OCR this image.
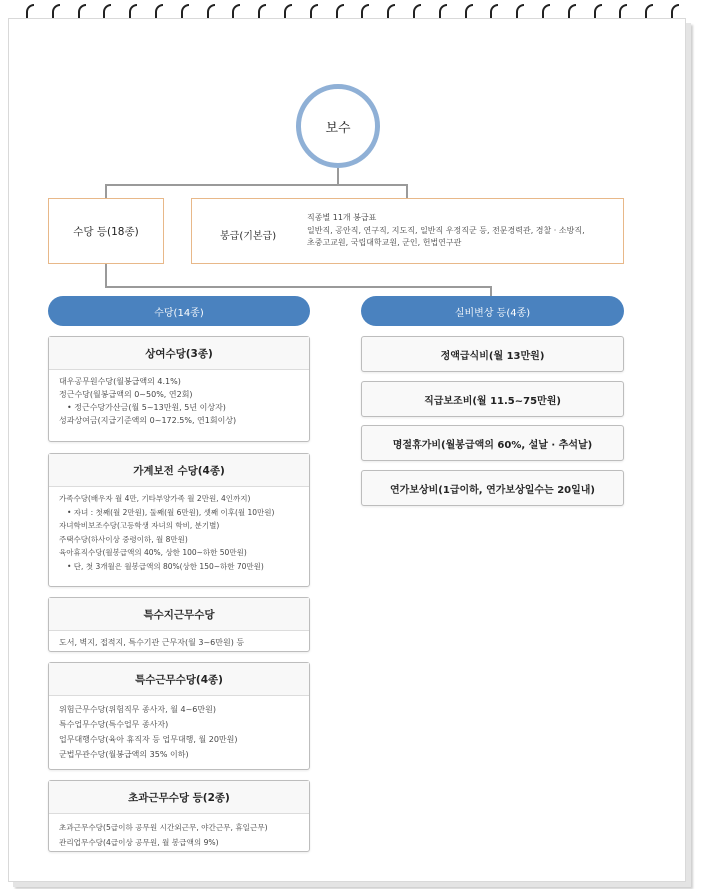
보수
수당 등(18종)	봉급(기본급)
직종별 11개 봉급표
일반직, 공안직, 연구직, 지도직, 일반직 우정직군 등, 전문경력관, 경찰 · 소방직,
초중고교원, 국립대학교원, 군인, 헌법연구관
수당(14종)	실비변상 등(4종)
상여수당(3종)
대우공무원수당(월봉급액의 4.1%)
정근수당(월봉급액의 0~50%, 연2회)
• 정근수당가산금(월 5~13만원, 5년 이상자)
성과상여금(지급기준액의 0~172.5%, 연1회이상)
가계보전 수당(4종)
가족수당(배우자 월 4만, 기타부양가족 월 2만원, 4인까지)
• 자녀 : 첫째(월 2만원), 둘째(월 6만원), 셋째 이후(월 10만원)
자녀학비보조수당(고등학생 자녀의 학비, 분기별)
주택수당(하사이상 중령이하, 월 8만원)
육아휴직수당(월봉급액의 40%, 상한 100~하한 50만원)
• 단, 첫 3개월은 월봉급액의 80%(상한 150~하한 70만원)
특수지근무수당
도서, 벽지, 접적지, 특수기관 근무자(월 3~6만원) 등
특수근무수당(4종)
위험근무수당(위험직무 종사자, 월 4~6만원)
특수업무수당(특수업무 종사자)
업무대행수당(육아 휴직자 등 업무대행, 월 20만원)
군법무관수당(월봉급액의 35% 이하)
초과근무수당 등(2종)
초과근무수당(5급이하 공무원 시간외근무, 야간근무, 휴일근무)
관리업무수당(4급이상 공무원, 월 봉급액의 9%)
정액급식비(월 13만원)
직급보조비(월 11.5~75만원)
명절휴가비(월봉급액의 60%, 설날 · 추석날)
연가보상비(1급이하, 연가보상일수는 20일내)
